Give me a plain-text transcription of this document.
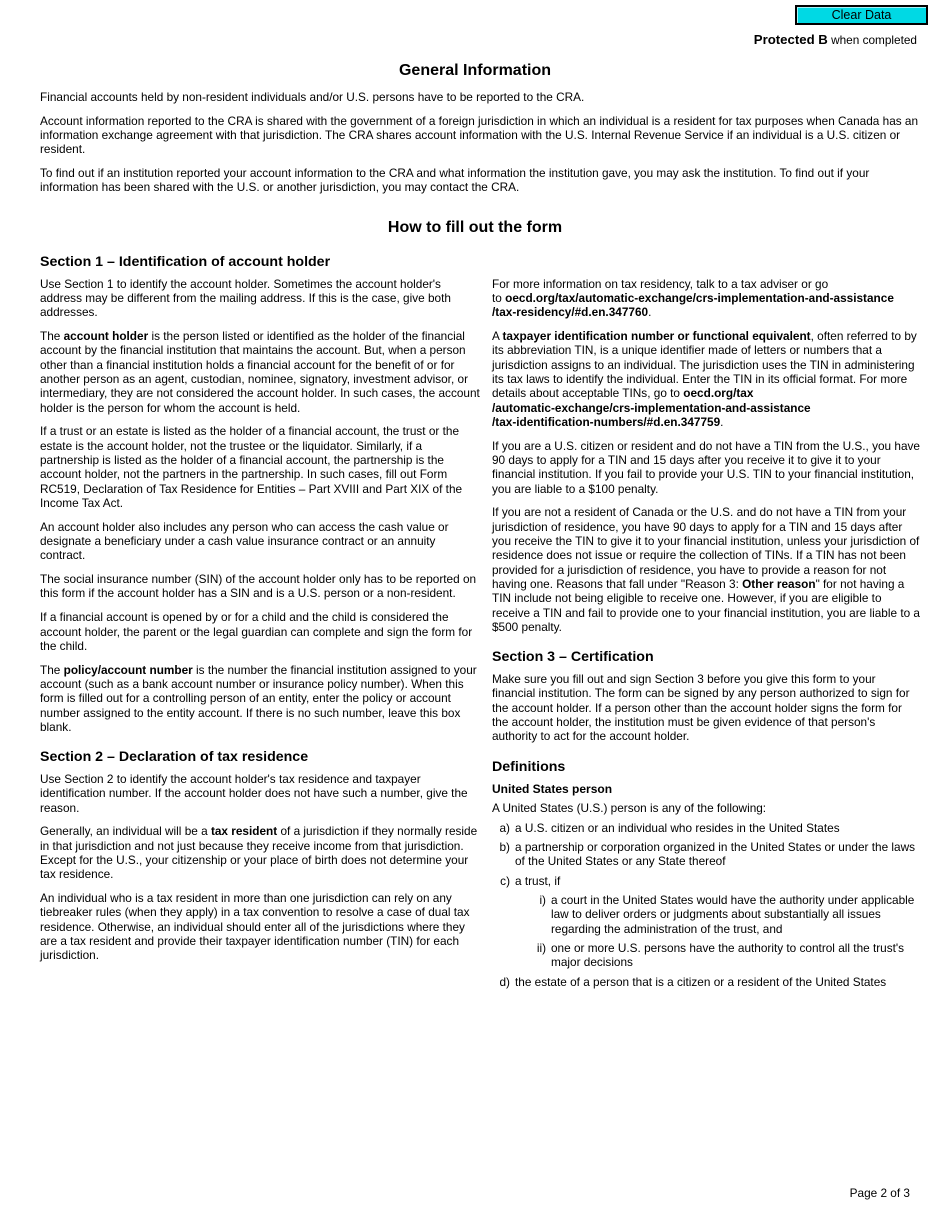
Clear Data
Protected B when completed
General Information

Financial accounts held by non-resident individuals and/or U.S. persons have to be reported to the CRA.

Account information reported to the CRA is shared with the government of a foreign jurisdiction in which an individual is a resident for tax purposes when Canada has an information exchange agreement with that jurisdiction. The CRA shares account information with the U.S. Internal Revenue Service if an individual is a U.S. citizen or resident.

To find out if an institution reported your account information to the CRA and what information the institution gave, you may ask the institution. To find out if your information has been shared with the U.S. or another jurisdiction, you may contact the CRA.

How to fill out the form
Section 1 – Identification of account holder

Use Section 1 to identify the account holder. Sometimes the account holder's address may be different from the mailing address. If this is the case, give both addresses.

The account holder is the person listed or identified as the holder of the financial account by the financial institution that maintains the account. But, when a person other than a financial institution holds a financial account for the benefit of or for another person as an agent, custodian, nominee, signatory, investment advisor, or intermediary, they are not considered the account holder. In such cases, the account holder is the person for whom the account is held.

If a trust or an estate is listed as the holder of a financial account, the trust or the estate is the account holder, not the trustee or the liquidator. Similarly, if a partnership is listed as the holder of a financial account, the partnership is the account holder, not the partners in the partnership. In such cases, fill out Form RC519, Declaration of Tax Residence for Entities – Part XVIII and Part XIX of the Income Tax Act.

An account holder also includes any person who can access the cash value or designate a beneficiary under a cash value insurance contract or an annuity contract.

The social insurance number (SIN) of the account holder only has to be reported on this form if the account holder has a SIN and is a U.S. person or a non-resident.

If a financial account is opened by or for a child and the child is considered the account holder, the parent or the legal guardian can complete and sign the form for the child.

The policy/account number is the number the financial institution assigned to your account (such as a bank account number or insurance policy number). When this form is filled out for a controlling person of an entity, enter the policy or account number assigned to the entity account. If there is no such number, leave this box blank.

Section 2 – Declaration of tax residence

Use Section 2 to identify the account holder's tax residence and taxpayer identification number. If the account holder does not have such a number, give the reason.

Generally, an individual will be a tax resident of a jurisdiction if they normally reside in that jurisdiction and not just because they receive income from that jurisdiction. Except for the U.S., your citizenship or your place of birth does not determine your tax residence.

An individual who is a tax resident in more than one jurisdiction can rely on any tiebreaker rules (when they apply) in a tax convention to resolve a case of dual tax residence. Otherwise, an individual should enter all of the jurisdictions where they are a tax resident and provide their taxpayer identification number (TIN) for each jurisdiction.

For more information on tax residency, talk to a tax adviser or go
to oecd.org/tax/automatic-exchange/crs-implementation-and-assistance
/tax-residency/#d.en.347760.

A taxpayer identification number or functional equivalent, often referred to by its abbreviation TIN, is a unique identifier made of letters or numbers that a jurisdiction assigns to an individual. The jurisdiction uses the TIN in administering its tax laws to identify the individual. Enter the TIN in its official format. For more details about acceptable TINs, go to oecd.org/tax
/automatic-exchange/crs-implementation-and-assistance
/tax-identification-numbers/#d.en.347759.

If you are a U.S. citizen or resident and do not have a TIN from the U.S., you have 90 days to apply for a TIN and 15 days after you receive it to give it to your financial institution. If you fail to provide your U.S. TIN to your financial institution, you are liable to a $100 penalty.

If you are not a resident of Canada or the U.S. and do not have a TIN from your jurisdiction of residence, you have 90 days to apply for a TIN and 15 days after you receive the TIN to give it to your financial institution, unless your jurisdiction of residence does not issue or require the collection of TINs. If a TIN has not been provided for a jurisdiction of residence, you have to provide a reason for not having one. Reasons that fall under "Reason 3: Other reason" for not having a TIN include not being eligible to receive one. However, if you are eligible to receive a TIN and fail to provide one to your financial institution, you are liable to a $500 penalty.

Section 3 – Certification

Make sure you fill out and sign Section 3 before you give this form to your financial institution. The form can be signed by any person authorized to sign for the account holder. If a person other than the account holder signs the form for the account holder, the institution must be given evidence of that person's authority to act for the account holder.

Definitions
United States person

A United States (U.S.) person is any of the following:

a) a U.S. citizen or an individual who resides in the United States
b) a partnership or corporation organized in the United States or under the laws of the United States or any State thereof
c) a trust, if
i) a court in the United States would have the authority under applicable law to deliver orders or judgments about substantially all issues regarding the administration of the trust, and
ii) one or more U.S. persons have the authority to control all the trust's major decisions
d) the estate of a person that is a citizen or a resident of the United States
Page 2 of 3
